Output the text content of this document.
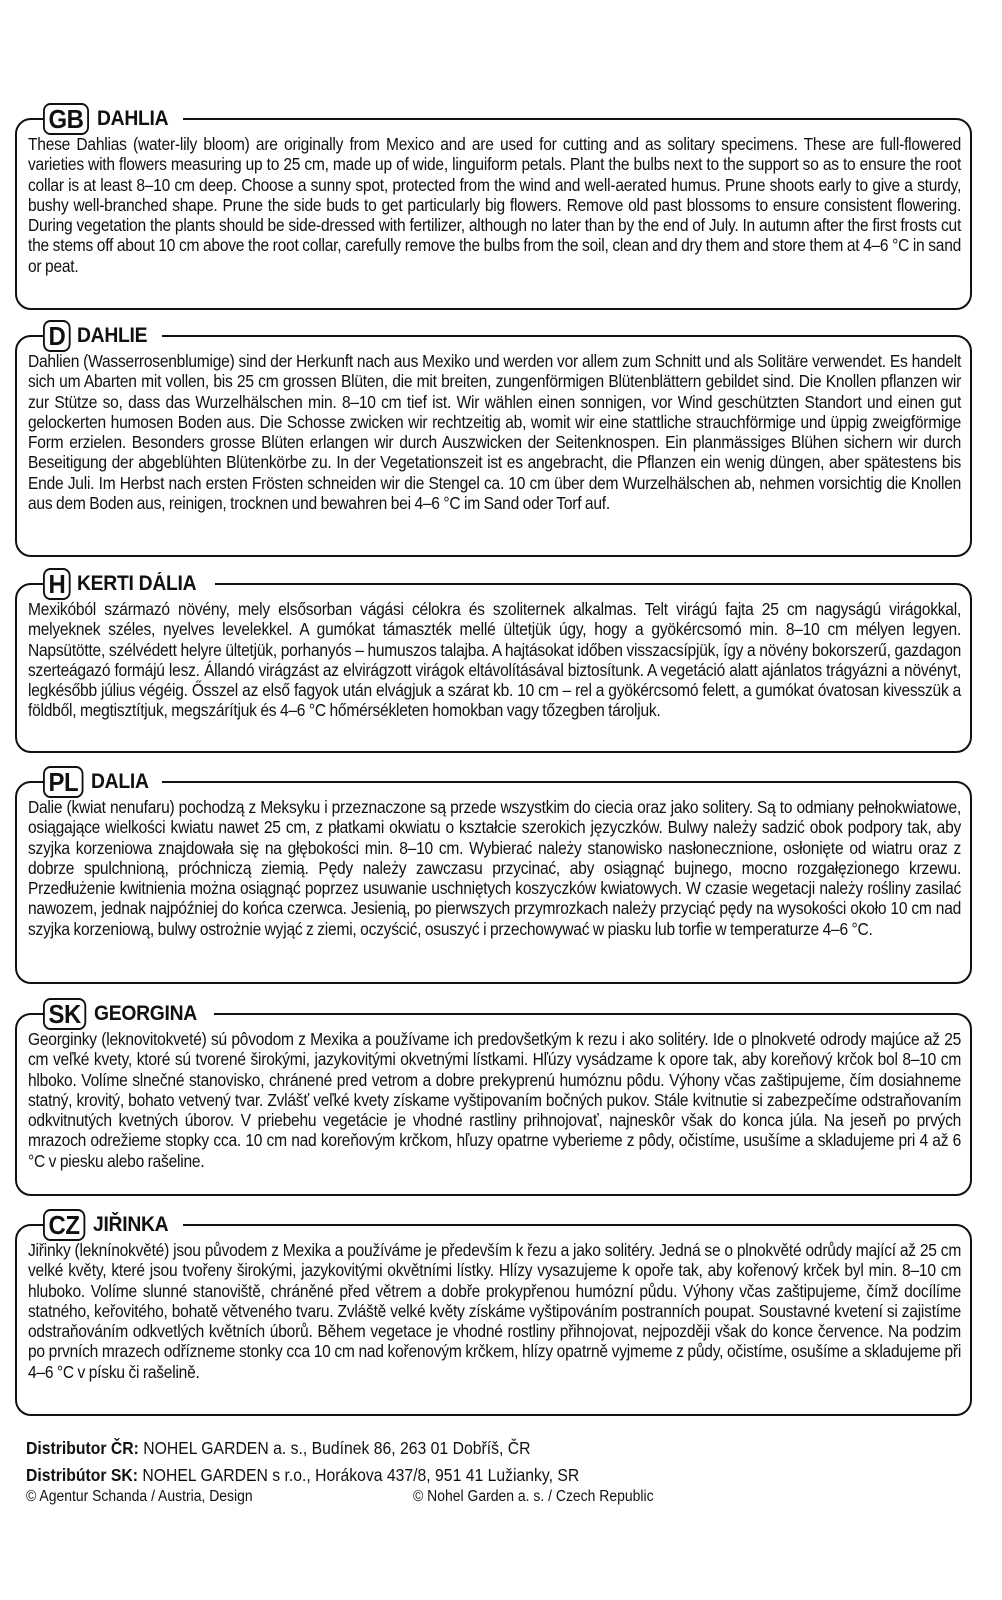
GB DAHLIA

These Dahlias (water-lily bloom) are originally from Mexico and are used for cutting and as solitary specimens. These are full-flowered varieties with flowers measuring up to 25 cm, made up of wide, linguiform petals. Plant the bulbs next to the support so as to ensure the root collar is at least 8–10 cm deep. Choose a sunny spot, protected from the wind and well-aerated humus. Prune shoots early to give a sturdy, bushy well-branched shape. Prune the side buds to get particularly big flowers. Remove old past blossoms to ensure consistent flowering. During vegetation the plants should be side-dressed with fertilizer, although no later than by the end of July. In autumn after the first frosts cut the stems off about 10 cm above the root collar, carefully remove the bulbs from the soil, clean and dry them and store them at 4–6 °C in sand or peat.

D DAHLIE

Dahlien (Wasserrosenblumige) sind der Herkunft nach aus Mexiko und werden vor allem zum Schnitt und als Solitäre verwendet. Es handelt sich um Abarten mit vollen, bis 25 cm grossen Blüten, die mit breiten, zungenförmigen Blütenblättern gebildet sind. Die Knollen pflanzen wir zur Stütze so, dass das Wurzelhälschen min. 8–10 cm tief ist. Wir wählen einen sonnigen, vor Wind geschützten Standort und einen gut gelockerten humosen Boden aus. Die Schosse zwicken wir rechtzeitig ab, womit wir eine stattliche strauchförmige und üppig zweigförmige Form erzielen. Besonders grosse Blüten erlangen wir durch Auszwicken der Seitenknospen. Ein planmässiges Blühen sichern wir durch Beseitigung der abgeblühten Blütenkörbe zu. In der Vegetationszeit ist es angebracht, die Pflanzen ein wenig düngen, aber spätestens bis Ende Juli. Im Herbst nach ersten Frösten schneiden wir die Stengel ca. 10 cm über dem Wurzelhälschen ab, nehmen vorsichtig die Knollen aus dem Boden aus, reinigen, trocknen und bewahren bei 4–6 °C im Sand oder Torf auf.

H KERTI DÁLIA

Mexikóból származó növény, mely elsősorban vágási célokra és szoliternek alkalmas. Telt virágú fajta 25 cm nagyságú virágokkal, melyeknek széles, nyelves levelekkel. A gumókat támaszték mellé ültetjük úgy, hogy a gyökércsomó min. 8–10 cm mélyen legyen. Napsütötte, szélvédett helyre ültetjük, porhanyós – humuszos talajba. A hajtásokat időben visszacsípjük, így a növény bokorszerű, gazdagon szerteágazó formájú lesz. Állandó virágzást az elvirágzott virágok eltávolításával biztosítunk. A vegetáció alatt ajánlatos trágyázni a növényt, legkésőbb július végéig. Ősszel az első fagyok után elvágjuk a szárat kb. 10 cm – rel a gyökércsomó felett, a gumókat óvatosan kivesszük a földből, megtisztítjuk, megszárítjuk és 4–6 °C hőmérsékleten homokban vagy tőzegben tároljuk.

PL DALIA

Dalie (kwiat nenufaru) pochodzą z Meksyku i przeznaczone są przede wszystkim do ciecia oraz jako solitery. Są to odmiany pełnokwiatowe, osiągające wielkości kwiatu nawet 25 cm, z płatkami okwiatu o kształcie szerokich języczków. Bulwy należy sadzić obok podpory tak, aby szyjka korzeniowa znajdowała się na głębokości min. 8–10 cm. Wybierać należy stanowisko nasłonecznione, osłonięte od wiatru oraz z dobrze spulchnioną, próchniczą ziemią. Pędy należy zawczasu przycinać, aby osiągnąć bujnego, mocno rozgałęzionego krzewu. Przedłużenie kwitnienia można osiągnąć poprzez usuwanie uschniętych koszyczków kwiatowych. W czasie wegetacji należy rośliny zasilać nawozem, jednak najpóźniej do końca czerwca. Jesienią, po pierwszych przymrozkach należy przyciąć pędy na wysokości około 10 cm nad szyjka korzeniową, bulwy ostrożnie wyjąć z ziemi, oczyścić, osuszyć i przechowywać w piasku lub torfie w temperaturze 4–6 °C.

SK GEORGINA

Georginky (leknovitokveté) sú pôvodom z Mexika a používame ich predovšetkým k rezu i ako solitéry. Ide o plnokveté odrody majúce až 25 cm veľké kvety, ktoré sú tvorené širokými, jazykovitými okvetnými lístkami. Hľúzy vysádzame k opore tak, aby koreňový krčok bol 8–10 cm hlboko. Volíme slnečné stanovisko, chránené pred vetrom a dobre prekyprenú humóznu pôdu. Výhony včas zaštipujeme, čím dosiahneme statný, krovitý, bohato vetvený tvar. Zvlášť veľké kvety získame vyštipovaním bočných pukov. Stále kvitnutie si zabezpečíme odstraňovaním odkvitnutých kvetných úborov. V priebehu vegetácie je vhodné rastliny prihnojovať, najneskôr však do konca júla. Na jeseň po prvých mrazoch odrežieme stopky cca. 10 cm nad koreňovým krčkom, hľuzy opatrne vyberieme z pôdy, očistíme, usušíme a skladujeme pri 4 až 6 °C v piesku alebo rašeline.

CZ JIŘINKA

Jiřinky (leknínokvěté) jsou původem z Mexika a používáme je především k řezu a jako solitéry. Jedná se o plnokvěté odrůdy mající až 25 cm velké květy, které jsou tvořeny širokými, jazykovitými okvětními lístky. Hlízy vysazujeme k opoře tak, aby kořenový krček byl min. 8–10 cm hluboko. Volíme slunné stanoviště, chráněné před větrem a dobře prokypřenou humózní půdu. Výhony včas zaštipujeme, čímž docílíme statného, keřovitého, bohatě větveného tvaru. Zvláště velké květy získáme vyštipováním postranních poupat. Soustavné kvetení si zajistíme odstraňováním odkvetlých květních úborů. Během vegetace je vhodné rostliny přihnojovat, nejpozději však do konce července. Na podzim po prvních mrazech odřízneme stonky cca 10 cm nad kořenovým krčkem, hlízy opatrně vyjmeme z půdy, očistíme, osušíme a skladujeme při 4–6 °C v písku či rašelině.

Distributor ČR: NOHEL GARDEN a. s., Budínek 86, 263 01 Dobříš, ČR
Distribútor SK: NOHEL GARDEN s r.o., Horákova 437/8, 951 41 Lužianky, SR
© Agentur Schanda / Austria, Design	© Nohel Garden a. s. / Czech Republic
